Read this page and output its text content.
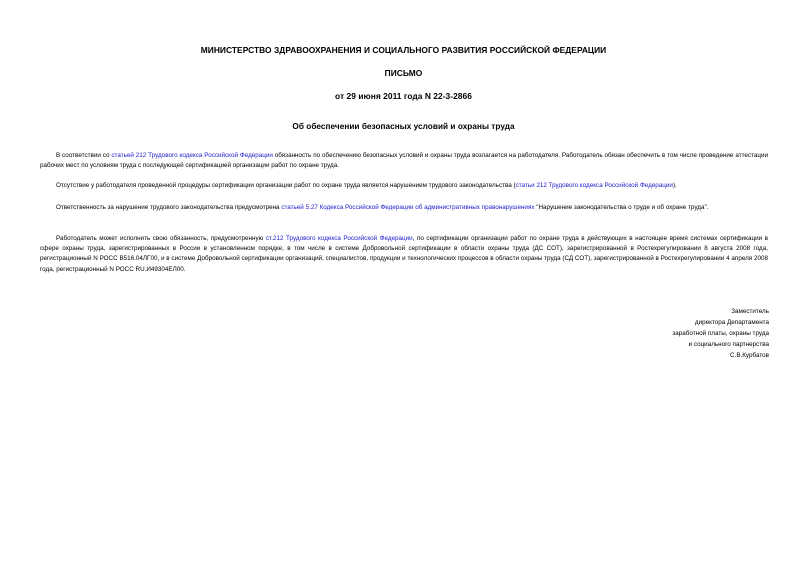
МИНИСТЕРСТВО ЗДРАВООХРАНЕНИЯ И СОЦИАЛЬНОГО РАЗВИТИЯ РОССИЙСКОЙ ФЕДЕРАЦИИ
ПИСЬМО
от 29 июня 2011 года N 22-3-2866
Об обеспечении безопасных условий и охраны труда

В соответствии со статьей 212 Трудового кодекса Российской Федерации обязанность по обеспечению безопасных условий и охраны труда возлагается на работодателя. Работодатель обязан обеспечить в том числе проведение аттестации рабочих мест по условиям труда с последующей сертификацией организации работ по охране труда.

Отсутствие у работодателя проведенной процедуры сертификации организации работ по охране труда является нарушением трудового законодательства (статьи 212 Трудового кодекса Российской Федерации).

Ответственность за нарушение трудового законодательства предусмотрена статьей 5.27 Кодекса Российской Федерации об административных правонарушениях "Нарушение законодательства о труде и об охране труда".

Работодатель может исполнить свою обязанность, предусмотренную ст.212 Трудового кодекса Российской Федерации, по сертификации организации работ по охране труда в действующих в настоящее время системах сертификации в сфере охраны труда, зарегистрированных в России в установленном порядке, в том числе в системе Добровольной сертификации в области охраны труда (ДС СОТ), зарегистрированной в Ростехрегулировании 8 августа 2008 года, регистрационный N РОСС В516.04ЛГ00, и в системе Добровольной сертификации организаций, специалистов, продукции и технологических процессов в области охраны труда (СД СОТ), зарегистрированной в Ростехрегулировании 4 апреля 2008 года, регистрационный N РОСС RU.И49304ЕЛ00.

Заместитель
директора Департамента
заработной платы, охраны труда
и социального партнерства
С.В.Курбатов
